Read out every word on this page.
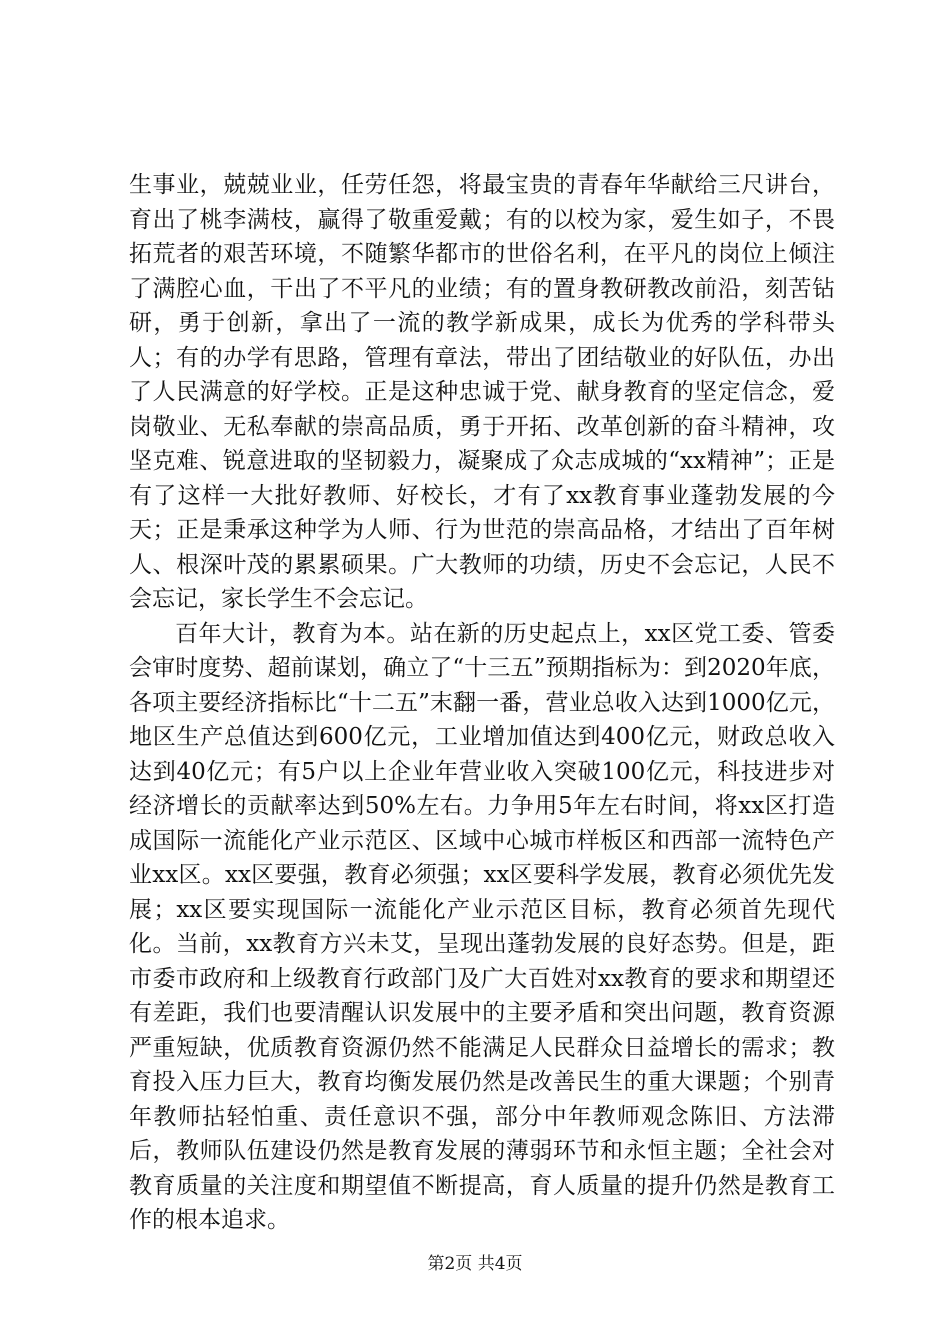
生事业，兢兢业业，任劳任怨，将最宝贵的青春年华献给三尺讲台，育出了桃李满枝，赢得了敬重爱戴；有的以校为家，爱生如子，不畏拓荒者的艰苦环境，不随繁华都市的世俗名利，在平凡的岗位上倾注了满腔心血，干出了不平凡的业绩；有的置身教研教改前沿，刻苦钻研，勇于创新，拿出了一流的教学新成果，成长为优秀的学科带头人；有的办学有思路，管理有章法，带出了团结敬业的好队伍，办出了人民满意的好学校。正是这种忠诚于党、献身教育的坚定信念，爱岗敬业、无私奉献的崇高品质，勇于开拓、改革创新的奋斗精神，攻坚克难、锐意进取的坚韧毅力，凝聚成了众志成城的“xx精神”；正是有了这样一大批好教师、好校长，才有了xx教育事业蓬勃发展的今天；正是秉承这种学为人师、行为世范的崇高品格，才结出了百年树人、根深叶茂的累累硕果。广大教师的功绩，历史不会忘记，人民不会忘记，家长学生不会忘记。

百年大计，教育为本。站在新的历史起点上，xx区党工委、管委会审时度势、超前谋划，确立了“十三五”预期指标为：到2020年底，各项主要经济指标比“十二五”末翻一番，营业总收入达到1000亿元，地区生产总值达到600亿元，工业增加值达到400亿元，财政总收入达到40亿元；有5户以上企业年营业收入突破100亿元，科技进步对经济增长的贡献率达到50%左右。力争用5年左右时间，将xx区打造成国际一流能化产业示范区、区域中心城市样板区和西部一流特色产业xx区。xx区要强，教育必须强；xx区要科学发展，教育必须优先发展；xx区要实现国际一流能化产业示范区目标，教育必须首先现代化。当前，xx教育方兴未艾，呈现出蓬勃发展的良好态势。但是，距市委市政府和上级教育行政部门及广大百姓对xx教育的要求和期望还有差距，我们也要清醒认识发展中的主要矛盾和突出问题，教育资源严重短缺，优质教育资源仍然不能满足人民群众日益增长的需求；教育投入压力巨大，教育均衡发展仍然是改善民生的重大课题；个别青年教师拈轻怕重、责任意识不强，部分中年教师观念陈旧、方法滞后，教师队伍建设仍然是教育发展的薄弱环节和永恒主题；全社会对教育质量的关注度和期望值不断提高，育人质量的提升仍然是教育工作的根本追求。

第2页 共4页
